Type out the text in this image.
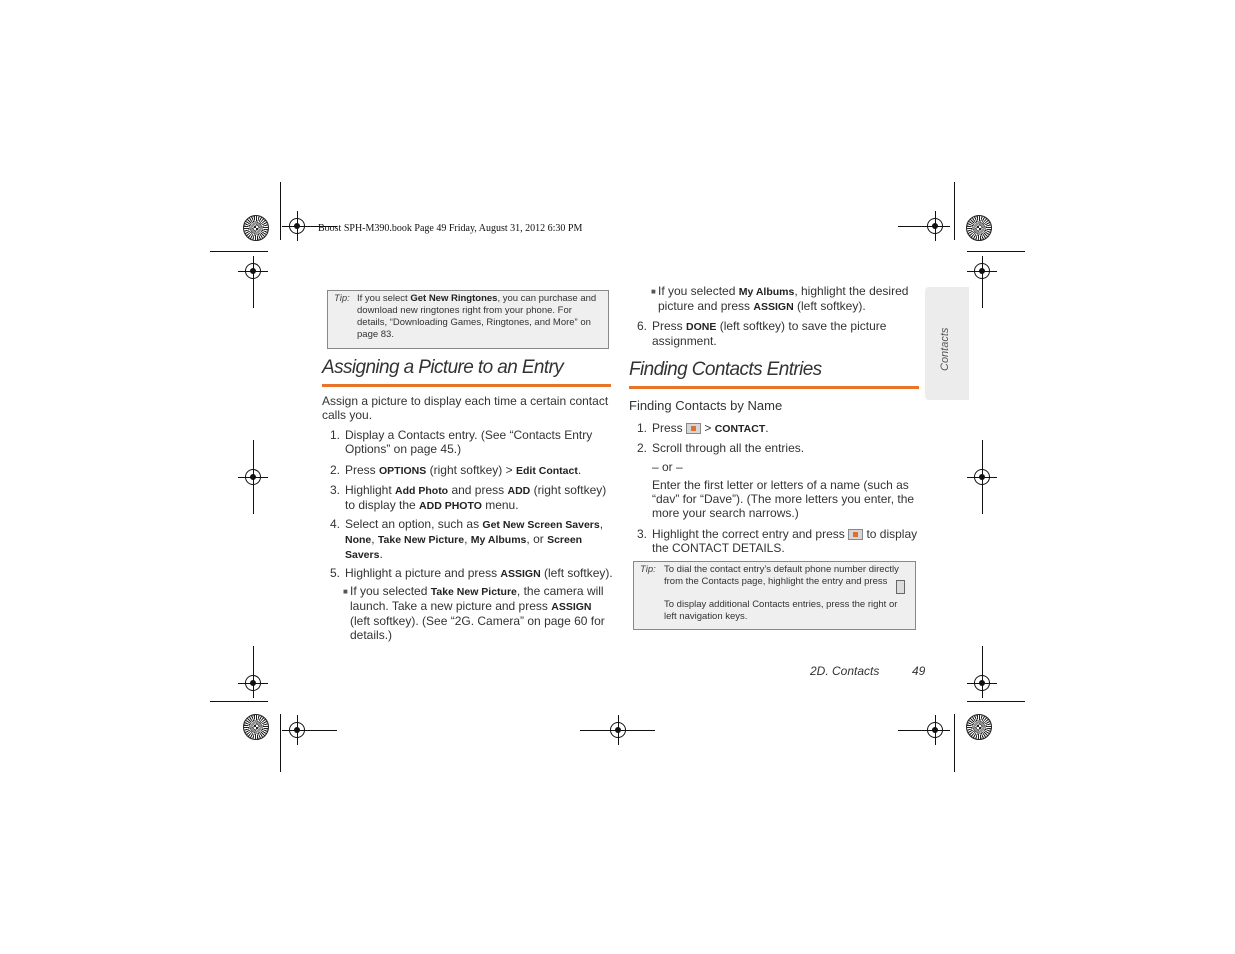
Boost SPH-M390.book Page 49 Friday, August 31, 2012 6:30 PM
Contacts
Tip: If you select Get New Ringtones, you can purchase and download new ringtones right from your phone. For details, “Downloading Games, Ringtones, and More” on page 83.
Assigning a Picture to an Entry
Assign a picture to display each time a certain contact calls you.
1. Display a Contacts entry. (See “Contacts Entry Options” on page 45.)
2. Press OPTIONS (right softkey) > Edit Contact.
3. Highlight Add Photo and press ADD (right softkey) to display the ADD PHOTO menu.
4. Select an option, such as Get New Screen Savers, None, Take New Picture, My Albums, or Screen Savers.
5. Highlight a picture and press ASSIGN (left softkey).
■ If you selected Take New Picture, the camera will launch. Take a new picture and press ASSIGN (left softkey). (See “2G. Camera” on page 60 for details.)
■ If you selected My Albums, highlight the desired picture and press ASSIGN (left softkey).
6. Press DONE (left softkey) to save the picture assignment.
Finding Contacts Entries
Finding Contacts by Name
1. Press  > CONTACT.
2. Scroll through all the entries.
– or –
Enter the first letter or letters of a name (such as “dav” for “Dave”). (The more letters you enter, the more your search narrows.)
3. Highlight the correct entry and press  to display the CONTACT DETAILS.
Tip: To dial the contact entry’s default phone number directly from the Contacts page, highlight the entry and press
To display additional Contacts entries, press the right or left navigation keys.
2D. Contacts	49
